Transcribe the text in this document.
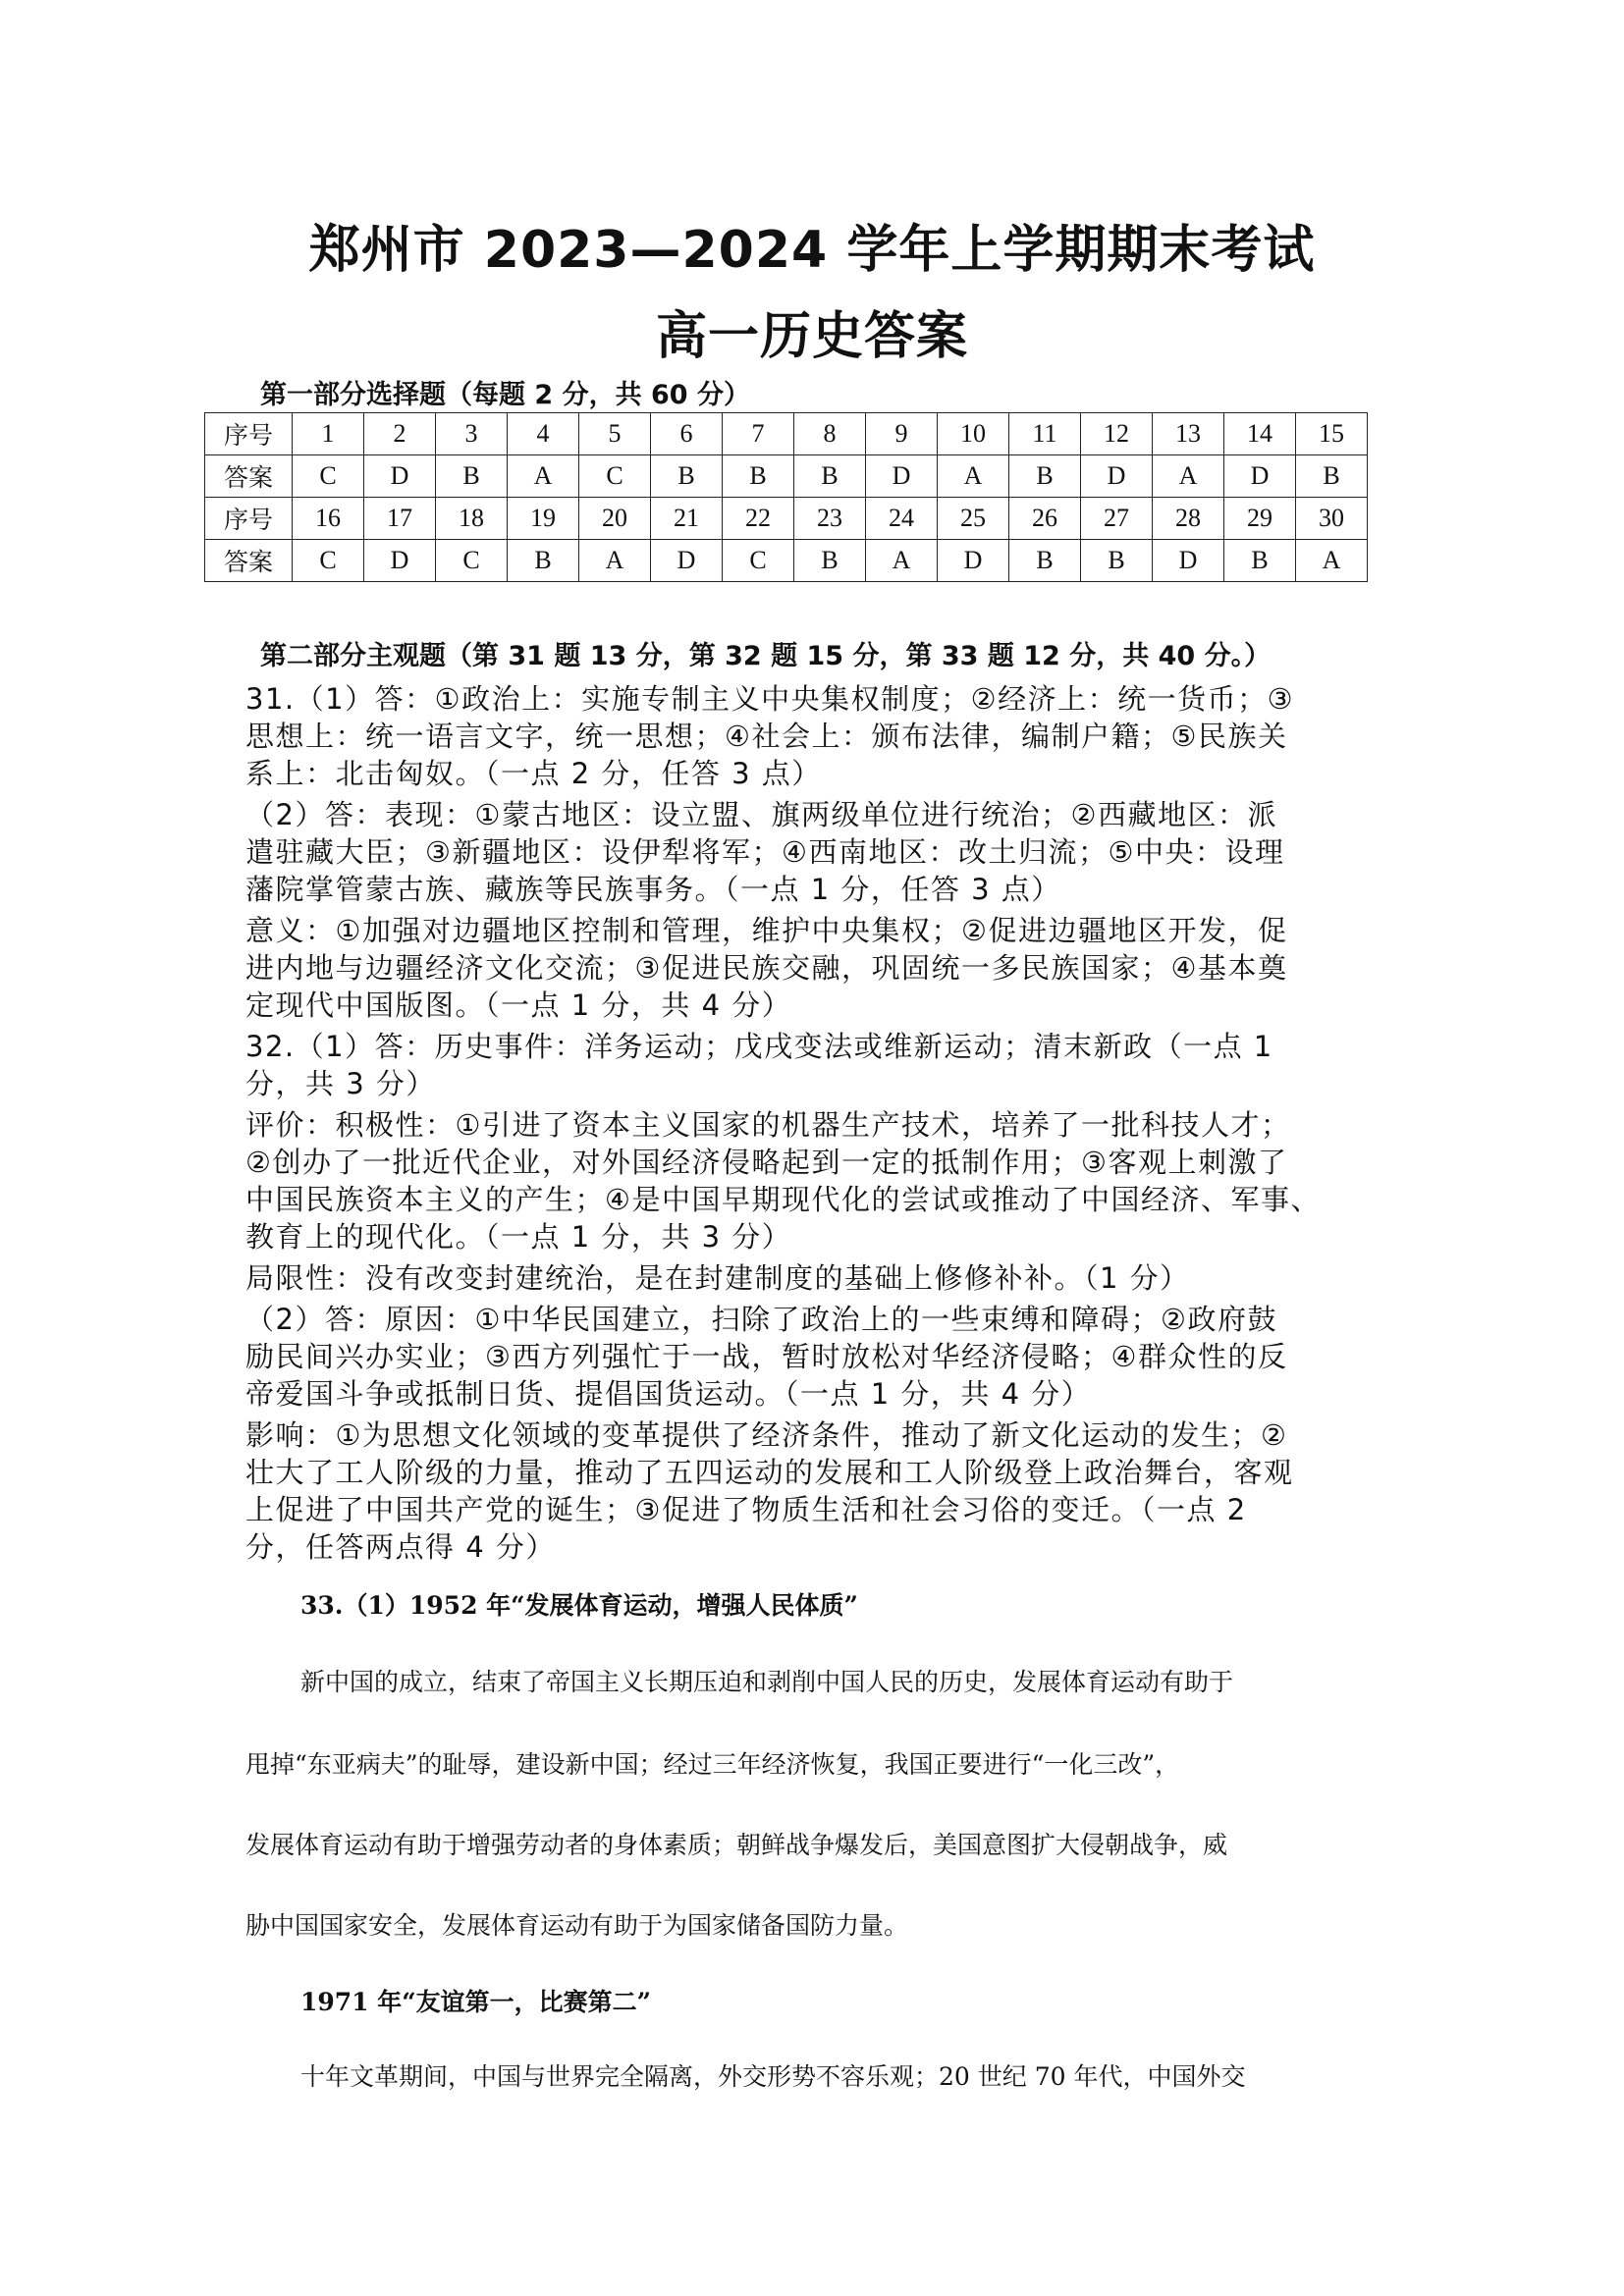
郑州市 2023—2024 学年上学期期末考试
高一历史答案
第一部分选择题（每题 2 分，共 60 分）
序号	1	2	3	4	5	6	7	8	9	10	11	12	13	14	15
答案	C	D	B	A	C	B	B	B	D	A	B	D	A	D	B
序号	16	17	18	19	20	21	22	23	24	25	26	27	28	29	30
答案	C	D	C	B	A	D	C	B	A	D	B	B	D	B	A
第二部分主观题（第 31 题 13 分，第 32 题 15 分，第 33 题 12 分，共 40 分。）
31.（1）答：①政治上：实施专制主义中央集权制度；②经济上：统一货币；③
思想上：统一语言文字，统一思想；④社会上：颁布法律，编制户籍；⑤民族关
系上：北击匈奴。（一点 2 分，任答 3 点）
（2）答：表现：①蒙古地区：设立盟、旗两级单位进行统治；②西藏地区：派
遣驻藏大臣；③新疆地区：设伊犁将军；④西南地区：改土归流；⑤中央：设理
藩院掌管蒙古族、藏族等民族事务。（一点 1 分，任答 3 点）
意义：①加强对边疆地区控制和管理，维护中央集权；②促进边疆地区开发，促
进内地与边疆经济文化交流；③促进民族交融，巩固统一多民族国家；④基本奠
定现代中国版图。（一点 1 分，共 4 分）
32.（1）答：历史事件：洋务运动；戊戌变法或维新运动；清末新政（一点 1
分，共 3 分）
评价：积极性：①引进了资本主义国家的机器生产技术，培养了一批科技人才；
②创办了一批近代企业，对外国经济侵略起到一定的抵制作用；③客观上刺激了
中国民族资本主义的产生；④是中国早期现代化的尝试或推动了中国经济、军事、
教育上的现代化。（一点 1 分，共 3 分）
局限性：没有改变封建统治，是在封建制度的基础上修修补补。（1 分）
（2）答：原因：①中华民国建立，扫除了政治上的一些束缚和障碍；②政府鼓
励民间兴办实业；③西方列强忙于一战，暂时放松对华经济侵略；④群众性的反
帝爱国斗争或抵制日货、提倡国货运动。（一点 1 分，共 4 分）
影响：①为思想文化领域的变革提供了经济条件，推动了新文化运动的发生；②
壮大了工人阶级的力量，推动了五四运动的发展和工人阶级登上政治舞台，客观
上促进了中国共产党的诞生；③促进了物质生活和社会习俗的变迁。（一点 2
分，任答两点得 4 分）
33.（1）1952 年“发展体育运动，增强人民体质”
新中国的成立，结束了帝国主义长期压迫和剥削中国人民的历史，发展体育运动有助于
甩掉“东亚病夫”的耻辱，建设新中国；经过三年经济恢复，我国正要进行“一化三改”，
发展体育运动有助于增强劳动者的身体素质；朝鲜战争爆发后，美国意图扩大侵朝战争，威
胁中国国家安全，发展体育运动有助于为国家储备国防力量。
1971 年“友谊第一，比赛第二”
十年文革期间，中国与世界完全隔离，外交形势不容乐观；20 世纪 70 年代，中国外交
